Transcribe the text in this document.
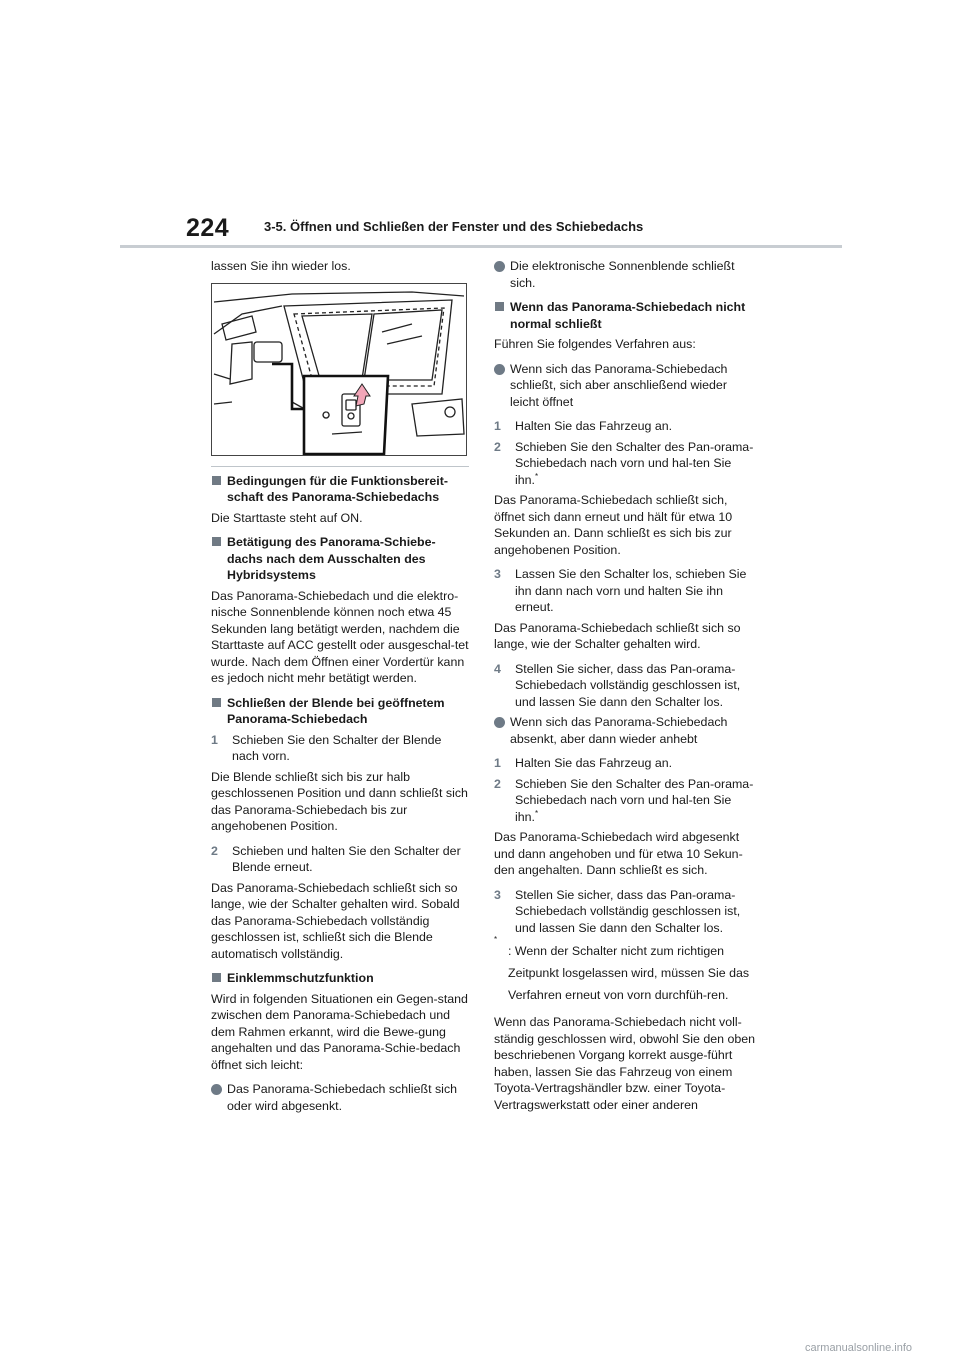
224	3-5. Öffnen und Schließen der Fenster und des Schiebedachs

lassen Sie ihn wieder los.

Bedingungen für die Funktionsbereit-schaft des Panorama-Schiebedachs

Die Starttaste steht auf ON.

Betätigung des Panorama-Schiebe-dachs nach dem Ausschalten des Hybridsystems

Das Panorama-Schiebedach und die elektro-nische Sonnenblende können noch etwa 45 Sekunden lang betätigt werden, nachdem die Starttaste auf ACC gestellt oder ausgeschal-tet wurde. Nach dem Öffnen einer Vordertür kann es jedoch nicht mehr betätigt werden.

Schließen der Blende bei geöffnetem Panorama-Schiebedach
1 Schieben Sie den Schalter der Blende nach vorn.

Die Blende schließt sich bis zur halb geschlossenen Position und dann schließt sich das Panorama-Schiebedach bis zur angehobenen Position.

2 Schieben und halten Sie den Schalter der Blende erneut.

Das Panorama-Schiebedach schließt sich so lange, wie der Schalter gehalten wird. Sobald das Panorama-Schiebedach vollständig geschlossen ist, schließt sich die Blende automatisch vollständig.

Einklemmschutzfunktion

Wird in folgenden Situationen ein Gegen-stand zwischen dem Panorama-Schiebedach und dem Rahmen erkannt, wird die Bewe-gung angehalten und das Panorama-Schie-bedach öffnet sich leicht:

Das Panorama-Schiebedach schließt sich oder wird abgesenkt.
Die elektronische Sonnenblende schließt sich.
Wenn das Panorama-Schiebedach nicht normal schließt

Führen Sie folgendes Verfahren aus:

Wenn sich das Panorama-Schiebedach schließt, sich aber anschließend wieder leicht öffnet
1 Halten Sie das Fahrzeug an.
2 Schieben Sie den Schalter des Pan-orama-Schiebedach nach vorn und hal-ten Sie ihn.*

Das Panorama-Schiebedach schließt sich, öffnet sich dann erneut und hält für etwa 10 Sekunden an. Dann schließt es sich bis zur angehobenen Position.

3 Lassen Sie den Schalter los, schieben Sie ihn dann nach vorn und halten Sie ihn erneut.

Das Panorama-Schiebedach schließt sich so lange, wie der Schalter gehalten wird.

4 Stellen Sie sicher, dass das Pan-orama-Schiebedach vollständig geschlossen ist, und lassen Sie dann den Schalter los.
Wenn sich das Panorama-Schiebedach absenkt, aber dann wieder anhebt
1 Halten Sie das Fahrzeug an.
2 Schieben Sie den Schalter des Pan-orama-Schiebedach nach vorn und hal-ten Sie ihn.*

Das Panorama-Schiebedach wird abgesenkt und dann angehoben und für etwa 10 Sekun-den angehalten. Dann schließt es sich.

3 Stellen Sie sicher, dass das Pan-orama-Schiebedach vollständig geschlossen ist, und lassen Sie dann den Schalter los.
*
: Wenn der Schalter nicht zum richtigen Zeitpunkt losgelassen wird, müssen Sie das Verfahren erneut von vorn durchfüh-ren.

Wenn das Panorama-Schiebedach nicht voll-ständig geschlossen wird, obwohl Sie den oben beschriebenen Vorgang korrekt ausge-führt haben, lassen Sie das Fahrzeug von einem Toyota-Vertragshändler bzw. einer Toyota-Vertragswerkstatt oder einer anderen

carmanualsonline.info
